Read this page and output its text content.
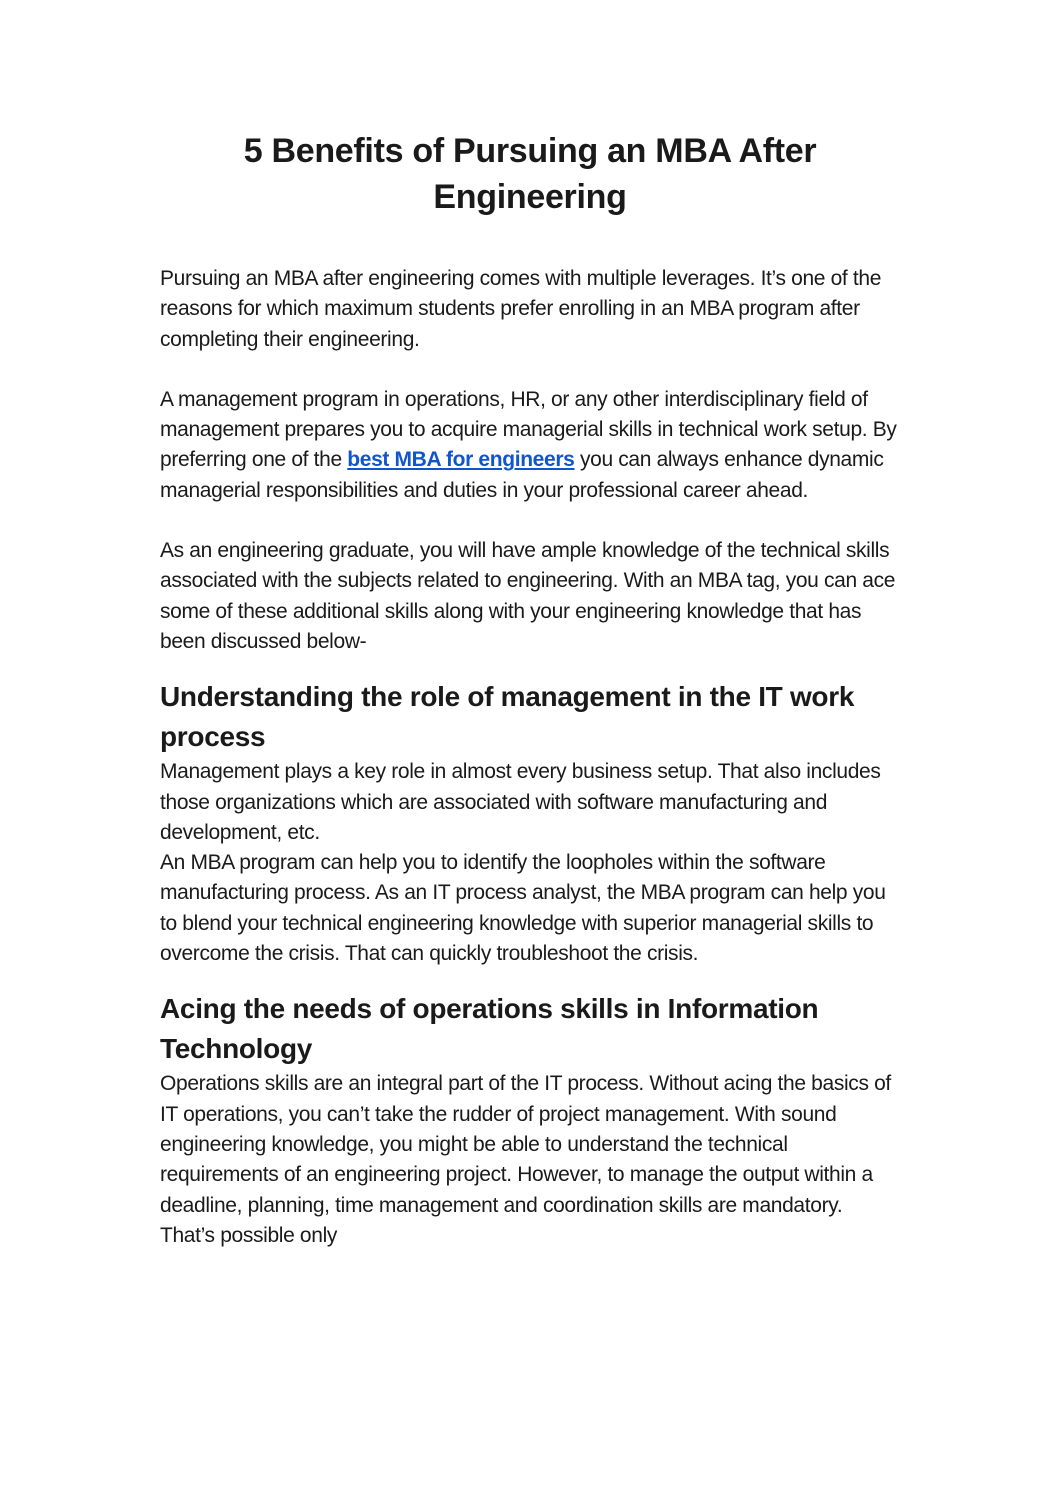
5 Benefits of Pursuing an MBA After Engineering

Pursuing an MBA after engineering comes with multiple leverages. It’s one of the reasons for which maximum students prefer enrolling in an MBA program after completing their engineering.

A management program in operations, HR, or any other interdisciplinary field of management prepares you to acquire managerial skills in technical work setup. By preferring one of the best MBA for engineers you can always enhance dynamic managerial responsibilities and duties in your professional career ahead.

As an engineering graduate, you will have ample knowledge of the technical skills associated with the subjects related to engineering. With an MBA tag, you can ace some of these additional skills along with your engineering knowledge that has been discussed below-

Understanding the role of management in the IT work process

Management plays a key role in almost every business setup. That also includes those organizations which are associated with software manufacturing and development, etc.

An MBA program can help you to identify the loopholes within the software manufacturing process. As an IT process analyst, the MBA program can help you to blend your technical engineering knowledge with superior managerial skills to overcome the crisis. That can quickly troubleshoot the crisis.

Acing the needs of operations skills in Information Technology

Operations skills are an integral part of the IT process. Without acing the basics of IT operations, you can’t take the rudder of project management. With sound engineering knowledge, you might be able to understand the technical requirements of an engineering project. However, to manage the output within a deadline, planning, time management and coordination skills are mandatory. That’s possible only
